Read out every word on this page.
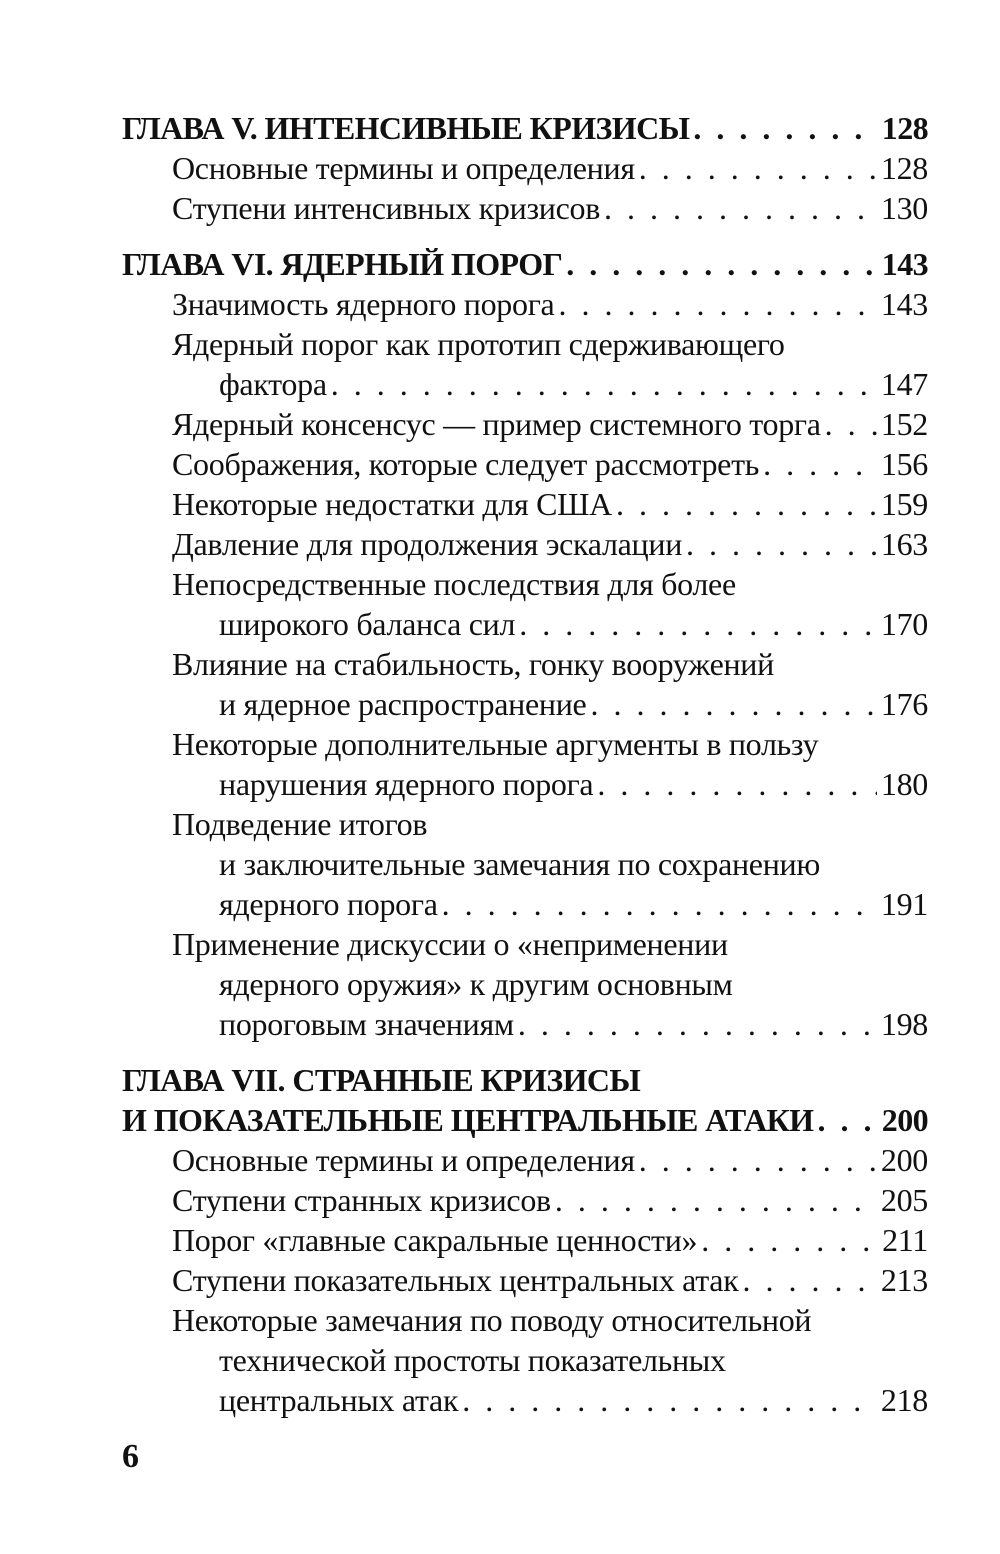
ГЛАВА V. ИНТЕНСИВНЫЕ КРИЗИСЫ . . .	128
Основные термины и определения . . .	128
Ступени интенсивных кризисов . . .	130
ГЛАВА VI. ЯДЕРНЫЙ ПОРОГ . . .	143
Значимость ядерного порога . . .	143
Ядерный порог как прототип сдерживающего
фактора . . .	147
Ядерный консенсус — пример системного торга . . . 152
Соображения, которые следует рассмотреть . . .	156
Некоторые недостатки для США . . .	159
Давление для продолжения эскалации . . .	163
Непосредственные последствия для более
широкого баланса сил . . .	170
Влияние на стабильность, гонку вооружений
и ядерное распространение . . .	176
Некоторые дополнительные аргументы в пользу
нарушения ядерного порога . . .	180
Подведение итогов
и заключительные замечания по сохранению
ядерного порога . . .	191
Применение дискуссии о «неприменении
ядерного оружия» к другим основным
пороговым значениям . . .	198
ГЛАВА VII. СТРАННЫЕ КРИЗИСЫ
И ПОКАЗАТЕЛЬНЫЕ ЦЕНТРАЛЬНЫЕ АТАКИ . . . 200
Основные термины и определения . . .	200
Ступени странных кризисов . . .	205
Порог «главные сакральные ценности» . . .	211
Ступени показательных центральных атак . . .	213
Некоторые замечания по поводу относительной
технической простоты показательных
центральных атак . . .	218
6
